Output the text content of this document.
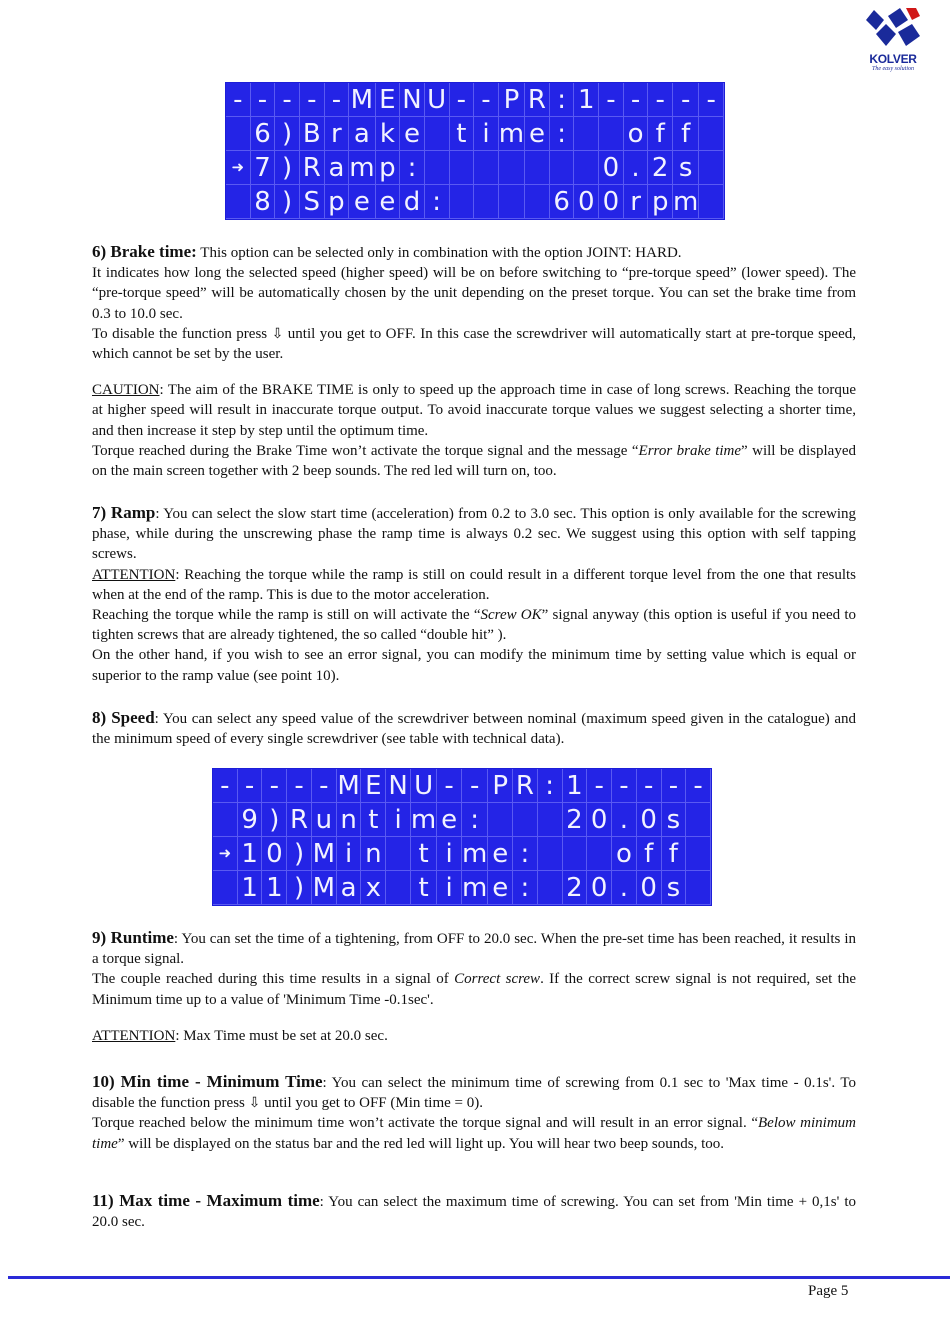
KOLVER
The easy solution
- - - - - M E N U - - P R : 1 - - - - -
6 ) B r a k e t i m e :	o f f
➜ 7 ) R a m p :	0 . 2 s
8 ) S p e e d :	6 0 0 r p m

6) Brake time: This option can be selected only in combination with the option JOINT: HARD.

It indicates how long the selected speed (higher speed) will be on before switching to “pre-torque speed” (lower speed). The “pre-torque speed” will be automatically chosen by the unit depending on the preset torque. You can set the brake time from 0.3 to 10.0 sec.

To disable the function press ⇩ until you get to OFF. In this case the screwdriver will automatically start at pre-torque speed, which cannot be set by the user.

CAUTION: The aim of the BRAKE TIME is only to speed up the approach time in case of long screws. Reaching the torque at higher speed will result in inaccurate torque output. To avoid inaccurate torque values we suggest selecting a shorter time, and then increase it step by step until the optimum time.

Torque reached during the Brake Time won’t activate the torque signal and the message “Error brake time” will be displayed on the main screen together with 2 beep sounds. The red led will turn on, too.

7) Ramp: You can select the slow start time (acceleration) from 0.2 to 3.0 sec. This option is only available for the screwing phase, while during the unscrewing phase the ramp time is always 0.2 sec. We suggest using this option with self tapping screws.

ATTENTION: Reaching the torque while the ramp is still on could result in a different torque level from the one that results when at the end of the ramp. This is due to the motor acceleration.

Reaching the torque while the ramp is still on will activate the “Screw OK” signal anyway (this option is useful if you need to tighten screws that are already tightened, the so called “double hit” ).

On the other hand, if you wish to see an error signal, you can modify the minimum time by setting value which is equal or superior to the ramp value (see point 10).

8) Speed: You can select any speed value of the screwdriver between nominal (maximum speed given in the catalogue) and the minimum speed of every single screwdriver (see table with technical data).

- - - - - M E N U - - P R : 1 - - - - -
9 ) R u n t i m e :	2 0 . 0 s
➜ 1 0 ) M i n t i m e :	o f f
1 1 ) M a x t i m e :	2 0 . 0 s

9) Runtime: You can set the time of a tightening, from OFF to 20.0 sec. When the pre-set time has been reached, it results in a torque signal.

The couple reached during this time results in a signal of Correct screw. If the correct screw signal is not required, set the Minimum time up to a value of 'Minimum Time -0.1sec'.

ATTENTION: Max Time must be set at 20.0 sec.

10) Min time - Minimum Time: You can select the minimum time of screwing from 0.1 sec to 'Max time - 0.1s'. To disable the function press ⇩ until you get to OFF (Min time = 0).

Torque reached below the minimum time won’t activate the torque signal and will result in an error signal. “Below minimum time” will be displayed on the status bar and the red led will light up. You will hear two beep sounds, too.

11) Max time - Maximum time: You can select the maximum time of screwing. You can set from 'Min time + 0,1s' to 20.0 sec.

Page 5
